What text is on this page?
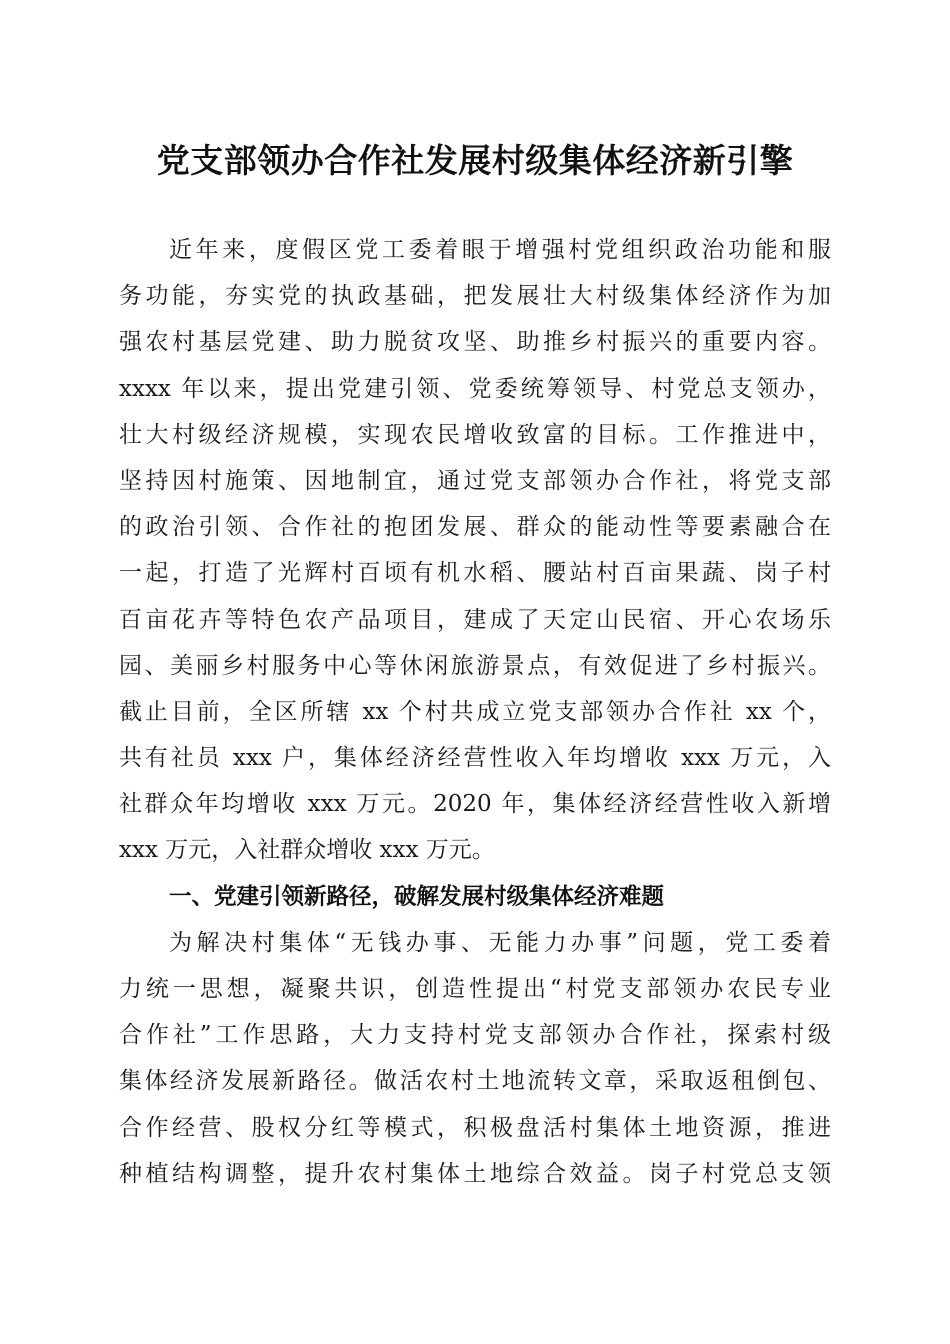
党支部领办合作社发展村级集体经济新引擎
近年来，度假区党工委着眼于增强村党组织政治功能和服
务功能，夯实党的执政基础，把发展壮大村级集体经济作为加
强农村基层党建、助力脱贫攻坚、助推乡村振兴的重要内容。
xxxx 年以来，提出党建引领、党委统筹领导、村党总支领办，
壮大村级经济规模，实现农民增收致富的目标。工作推进中，
坚持因村施策、因地制宜，通过党支部领办合作社，将党支部
的政治引领、合作社的抱团发展、群众的能动性等要素融合在
一起，打造了光辉村百顷有机水稻、腰站村百亩果蔬、岗子村
百亩花卉等特色农产品项目，建成了天定山民宿、开心农场乐
园、美丽乡村服务中心等休闲旅游景点，有效促进了乡村振兴。
截止目前，全区所辖 xx 个村共成立党支部领办合作社 xx 个，
共有社员 xxx 户，集体经济经营性收入年均增收 xxx 万元，入
社群众年均增收 xxx 万元。2020 年，集体经济经营性收入新增
xxx 万元，入社群众增收 xxx 万元。
一、党建引领新路径，破解发展村级集体经济难题
为解决村集体“无钱办事、无能力办事”问题，党工委着
力统一思想，凝聚共识，创造性提出“村党支部领办农民专业
合作社”工作思路，大力支持村党支部领办合作社，探索村级
集体经济发展新路径。做活农村土地流转文章，采取返租倒包、
合作经营、股权分红等模式，积极盘活村集体土地资源，推进
种植结构调整，提升农村集体土地综合效益。岗子村党总支领
